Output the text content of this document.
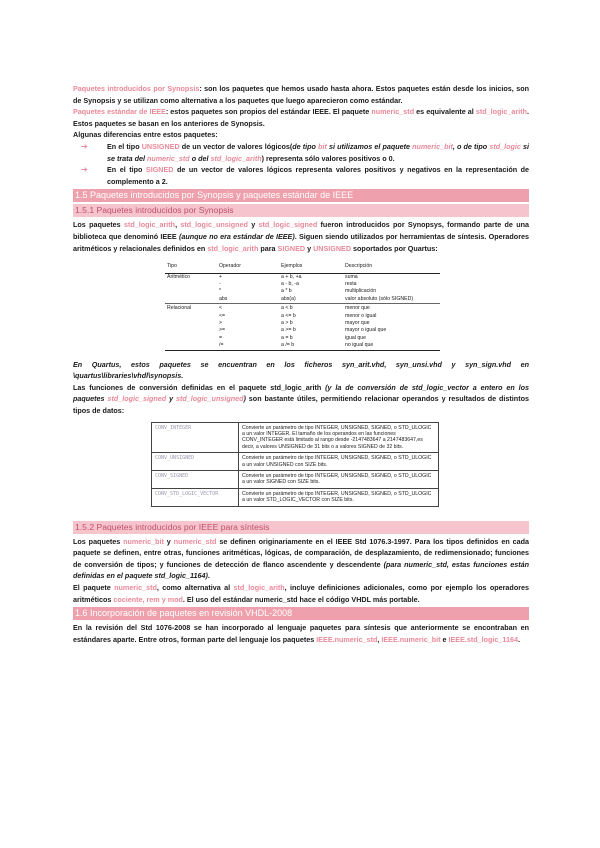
Paquetes introducidos por Synopsis: son los paquetes que hemos usado hasta ahora. Estos paquetes están desde los inicios, son de Synopsis y se utilizan como alternativa a los paquetes que luego aparecieron como estándar.

Paquetes estándar de IEEE: estos paquetes son propios del estándar IEEE. El paquete numeric_std es equivalente al std_logic_arith. Estos paquetes se basan en los anteriores de Synopsis.

Algunas diferencias entre estos paquetes:

➔	En el tipo UNSIGNED de un vector de valores lógicos(de tipo bit si utilizamos el paquete numeric_bit, o de tipo std_logic si se trata del numeric_std o del std_logic_arith) representa sólo valores positivos o 0.

➔	En el tipo SIGNED de un vector de valores lógicos representa valores positivos y negativos en la representación de complemento a 2.

1.5 Paquetes introducidos por Synopsis y paquetes estándar de IEEE
1.5.1 Paquetes introducidos por Synopsis

Los paquetes std_logic_arith, std_logic_unsigned y std_logic_signed fueron introducidos por Synopsys, formando parte de una biblioteca que denominó IEEE (aunque no era estándar de IEEE). Siguen siendo utilizados por herramientas de síntesis. Operadores aritméticos y relacionales definidos en std_logic_arith para SIGNED y UNSIGNED soportados por Quartus:

Tipo	Operador	Ejemplos	Descripción
Aritmético	+	a + b, +a	suma
	-	a - b, -a	resta
	*	a * b	multiplicación
	abs	abs(a)	valor absoluto (sólo SIGNED)
Relacional	<	a < b	menor que
	<=	a <= b	menor o igual
	>	a > b	mayor que
	>=	a >= b	mayor o igual que
	=	a = b	igual que
	/=	a /= b	no igual que

En Quartus, estos paquetes se encuentran en los ficheros syn_arit.vhd, syn_unsi.vhd y syn_sign.vhd en \quartus\libraries\vhdl\synopsis.

Las funciones de conversión definidas en el paquete std_logic_arith (y la de conversión de std_logic_vector a entero en los paquetes std_logic_signed y std_logic_unsigned) son bastante útiles, permitiendo relacionar operandos y resultados de distintos tipos de datos:

CONV_INTEGER	Convierte un parámetro de tipo INTEGER, UNSIGNED, SIGNED, o STD_ULOGIC a un valor INTEGER. El tamaño de los operandos en las funciones CONV_INTEGER está limitado al rango desde -2147483647 a 2147483647,es decir, a valores UNSIGNED de 31 bits o a valores SIGNED de 32 bits.
CONV_UNSIGNED	Convierte un parámetro de tipo INTEGER, UNSIGNED, SIGNED, o STD_ULOGIC a un valor UNSIGNED con SIZE bits.
CONV_SIGNED	Convierte un parámetro de tipo INTEGER, UNSIGNED, SIGNED, o STD_ULOGIC a un valor SIGNED con SIZE bits.
CONV_STD_LOGIC_VECTOR	Convierte un parámetro de tipo INTEGER, UNSIGNED, SIGNED, o STD_ULOGIC a un valor STD_LOGIC_VECTOR con SIZE bits.
1.5.2 Paquetes introducidos por IEEE para síntesis

Los paquetes numeric_bit y numeric_std se definen originariamente en el IEEE Std 1076.3-1997. Para los tipos definidos en cada paquete se definen, entre otras, funciones aritméticas, lógicas, de comparación, de desplazamiento, de redimensionado; funciones de conversión de tipos; y funciones de detección de flanco ascendente y descendente (para numeric_std, estas funciones están definidas en el paquete std_logic_1164).

El paquete numeric_std, como alternativa al std_logic_arith, incluye definiciones adicionales, como por ejemplo los operadores aritméticos cociente, rem y mod. El uso del estándar numeric_std hace el código VHDL más portable.

1.6 Incorporación de paquetes en revisión VHDL-2008

En la revisión del Std 1076-2008 se han incorporado al lenguaje paquetes para síntesis que anteriormente se encontraban en estándares aparte. Entre otros, forman parte del lenguaje los paquetes IEEE.numeric_std, IEEE.numeric_bit e IEEE.std_logic_1164.
